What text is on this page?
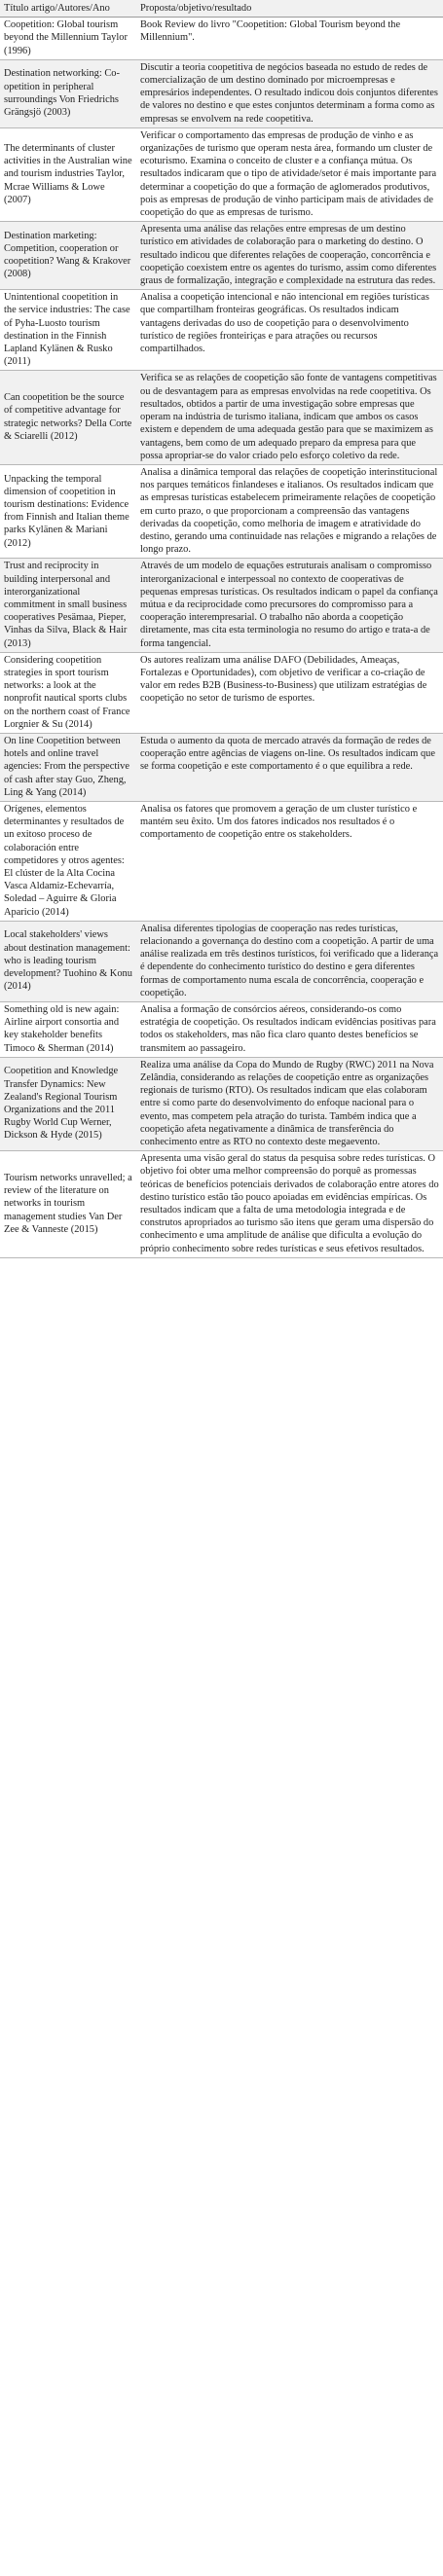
Título artigo/Autores/Ano	Proposta/objetivo/resultado
Coopetition: Global tourism beyond the Millennium Taylor (1996)	Book Review do livro "Coopetition: Global Tourism beyond the Millennium".
Destination networking: Co-opetition in peripheral surroundings Von Friedrichs Grängsjö (2003)	Discutir a teoria coopetitiva de negócios baseada no estudo de redes de comercialização de um destino dominado por microempresas e empresários independentes. O resultado indicou dois conjuntos diferentes de valores no destino e que estes conjuntos determinam a forma como as empresas se envolvem na rede coopetitiva.
The determinants of cluster activities in the Australian wine and tourism industries Taylor, Mcrae Williams & Lowe (2007)	Verificar o comportamento das empresas de produção de vinho e as organizações de turismo que operam nesta área, formando um cluster de ecoturismo. Examina o conceito de cluster e a confiança mútua. Os resultados indicaram que o tipo de atividade/setor é mais importante para determinar a coopetição do que a formação de aglomerados produtivos, pois as empresas de produção de vinho participam mais de atividades de coopetição do que as empresas de turismo.
Destination marketing: Competition, cooperation or coopetition? Wang & Krakover (2008)	Apresenta uma análise das relações entre empresas de um destino turístico em atividades de colaboração para o marketing do destino. O resultado indicou que diferentes relações de cooperação, concorrência e coopetição coexistem entre os agentes do turismo, assim como diferentes graus de formalização, integração e complexidade na estrutura das redes.
Unintentional coopetition in the service industries: The case of Pyha-Luosto tourism destination in the Finnish Lapland Kylänen & Rusko (2011)	Analisa a coopetição intencional e não intencional em regiões turísticas que compartilham fronteiras geográficas. Os resultados indicam vantagens derivadas do uso de coopetição para o desenvolvimento turístico de regiões fronteiriças e para atrações ou recursos compartilhados.
Can coopetition be the source of competitive advantage for strategic networks? Della Corte & Sciarelli (2012)	Verifica se as relações de coopetição são fonte de vantagens competitivas ou de desvantagem para as empresas envolvidas na rede coopetitiva. Os resultados, obtidos a partir de uma investigação sobre empresas que operam na indústria de turismo italiana, indicam que ambos os casos existem e dependem de uma adequada gestão para que se maximizem as vantagens, bem como de um adequado preparo da empresa para que possa apropriar-se do valor criado pelo esforço coletivo da rede.
Unpacking the temporal dimension of coopetition in tourism destinations: Evidence from Finnish and Italian theme parks Kylänen & Mariani (2012)	Analisa a dinâmica temporal das relações de coopetição interinstitucional nos parques temáticos finlandeses e italianos. Os resultados indicam que as empresas turísticas estabelecem primeiramente relações de coopetição em curto prazo, o que proporcionam a compreensão das vantagens derivadas da coopetição, como melhoria de imagem e atratividade do destino, gerando uma continuidade nas relações e migrando a relações de longo prazo.
Trust and reciprocity in building interpersonal and interorganizational commitment in small business cooperatives Pesämaa, Pieper, Vinhas da Silva, Black & Hair (2013)	Através de um modelo de equações estruturais analisam o compromisso interorganizacional e interpessoal no contexto de cooperativas de pequenas empresas turísticas. Os resultados indicam o papel da confiança mútua e da reciprocidade como precursores do compromisso para a cooperação interempresarial. O trabalho não aborda a coopetição diretamente, mas cita esta terminologia no resumo do artigo e trata-a de forma tangencial.
Considering coopetition strategies in sport tourism networks: a look at the nonprofit nautical sports clubs on the northern coast of France Lorgnier & Su (2014)	Os autores realizam uma análise DAFO (Debilidades, Ameaças, Fortalezas e Oportunidades), com objetivo de verificar a co-criação de valor em redes B2B (Business-to-Business) que utilizam estratégias de coopetição no setor de turismo de esportes.
On line Coopetition between hotels and online travel agencies: From the perspective of cash after stay Guo, Zheng, Ling & Yang (2014)	Estuda o aumento da quota de mercado através da formação de redes de cooperação entre agências de viagens on-line. Os resultados indicam que se forma coopetição e este comportamento é o que equilibra a rede.
Orígenes, elementos determinantes y resultados de un exitoso proceso de colaboración entre competidores y otros agentes: El clúster de la Alta Cocina Vasca Aldamiz-Echevarría, Soledad – Aguirre & Gloria Aparicio (2014)	Analisa os fatores que promovem a geração de um cluster turístico e mantém seu êxito. Um dos fatores indicados nos resultados é o comportamento de coopetição entre os stakeholders.
Local stakeholders' views about destination management: who is leading tourism development? Tuohino & Konu (2014)	Analisa diferentes tipologias de cooperação nas redes turísticas, relacionando a governança do destino com a coopetição. A partir de uma análise realizada em três destinos turísticos, foi verificado que a liderança é dependente do conhecimento turístico do destino e gera diferentes formas de comportamento numa escala de concorrência, cooperação e coopetição.
Something old is new again: Airline airport consortia and key stakeholder benefits Timoco & Sherman (2014)	Analisa a formação de consórcios aéreos, considerando-os como estratégia de coopetição. Os resultados indicam evidências positivas para todos os stakeholders, mas não fica claro quanto destes benefícios se transmitem ao passageiro.
Coopetition and Knowledge Transfer Dynamics: New Zealand's Regional Tourism Organizations and the 2011 Rugby World Cup Werner, Dickson & Hyde (2015)	Realiza uma análise da Copa do Mundo de Rugby (RWC) 2011 na Nova Zelândia, considerando as relações de coopetição entre as organizações regionais de turismo (RTO). Os resultados indicam que elas colaboram entre si como parte do desenvolvimento do enfoque nacional para o evento, mas competem pela atração do turista. Também indica que a coopetição afeta negativamente a dinâmica de transferência do conhecimento entre as RTO no contexto deste megaevento.
Tourism networks unravelled; a review of the literature on networks in tourism management studies Van Der Zee & Vanneste (2015)	Apresenta uma visão geral do status da pesquisa sobre redes turísticas. O objetivo foi obter uma melhor compreensão do porquê as promessas teóricas de benefícios potenciais derivados de colaboração entre atores do destino turístico estão tão pouco apoiadas em evidências empíricas. Os resultados indicam que a falta de uma metodologia integrada e de construtos apropriados ao turismo são itens que geram uma dispersão do conhecimento e uma amplitude de análise que dificulta a evolução do próprio conhecimento sobre redes turísticas e seus efetivos resultados.
